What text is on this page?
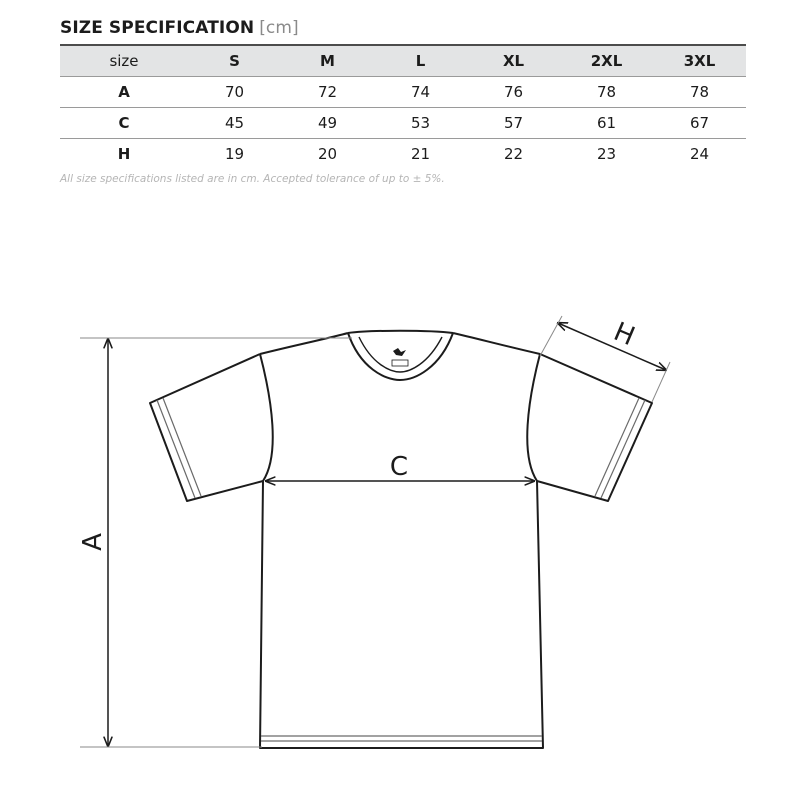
SIZE SPECIFICATION [cm]
size	S	M	L	XL	2XL	3XL
A	70	72	74	76	78	78
C	45	49	53	57	61	67
H	19	20	21	22	23	24
All size specifications listed are in cm. Accepted tolerance of up to ± 5%.
A
C
H
